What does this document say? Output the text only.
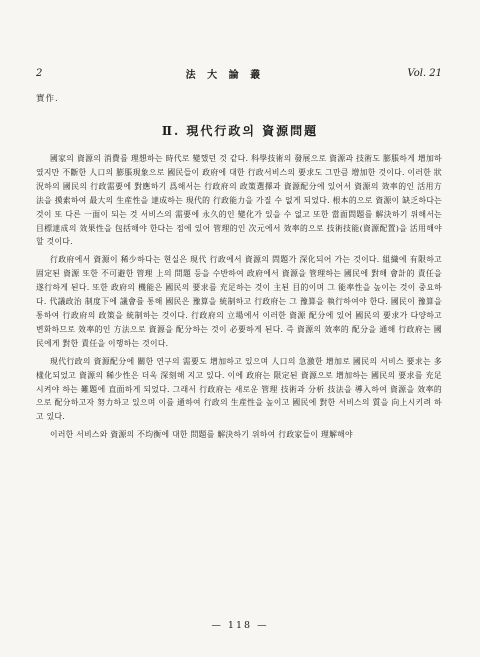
2	法 大 論 叢	Vol. 21
實作.
Ⅱ. 現代行政의 資源問題

國家의 資源의 消費를 理想하는 時代로 變했던 것 같다. 科學技術의 發展으로 資源과 技術도 膨脹하게 增加하였지만 不斷한 人口의 膨脹現象으로 國民들이 政府에 대한 行政서비스의 要求도 그만큼 增加한 것이다. 이러한 狀況하의 國民의 行政需要에 對應하기 爲해서는 行政府의 政策選擇과 資源配分에 있어서 資源의 效率的인 活用方法을 摸索하여 最大의 生産性을 達成하는 現代的 行政能力을 가질 수 없게 되었다. 根本的으로 資源이 缺乏하다는 것이 또 다른 一面이 되는 것 서비스의 需要에 永久的인 變化가 있을 수 없고 또한 當面問題를 解決하기 위해서는 目標達成의 效果性을 包括해야 한다는 점에 있어 管理的인 次元에서 效率的으로 技術技能(資源配置)을 活用해야 할 것이다.

行政府에서 資源이 稀少하다는 현실은 現代 行政에서 資源의 問題가 深化되어 가는 것이다. 組織에 有限하고 固定된 資源 또한 不可避한 管理 上의 問題 등을 수반하여 政府에서 資源을 管理하는 國民에 對해 會計的 責任을 遂行하게 된다. 또한 政府의 機能은 國民의 要求를 充足하는 것이 主된 目的이며 그 能率性을 높이는 것이 중요하다. 代議政治 制度下에 議會를 통해 國民은 豫算을 統制하고 行政府는 그 豫算을 執行하여야 한다. 國民이 豫算을 통하여 行政府의 政策을 統制하는 것이다. 行政府의 立場에서 이러한 資源 配分에 있어 國民의 要求가 다양하고 변화하므로 效率的인 方法으로 資源을 配分하는 것이 必要하게 된다. 즉 資源의 效率的 配分을 通해 行政府는 國民에게 對한 責任을 이행하는 것이다.

現代行政의 資源配分에 關한 연구의 需要도 增加하고 있으며 人口의 急激한 增加로 國民의 서비스 要求는 多樣化되었고 資源의 稀少性은 더욱 深刻해 지고 있다. 이에 政府는 限定된 資源으로 增加하는 國民의 要求를 充足시켜야 하는 難題에 直面하게 되었다. 그래서 行政府는 새로운 管理 技術과 分析 技法을 導入하여 資源을 效率的으로 配分하고자 努力하고 있으며 이를 通하여 行政의 生産性을 높이고 國民에 對한 서비스의 質을 向上시키려 하고 있다.

이러한 서비스와 資源의 不均衡에 대한 問題를 解決하기 위하여 行政家들이 理解해야

— 118 —
